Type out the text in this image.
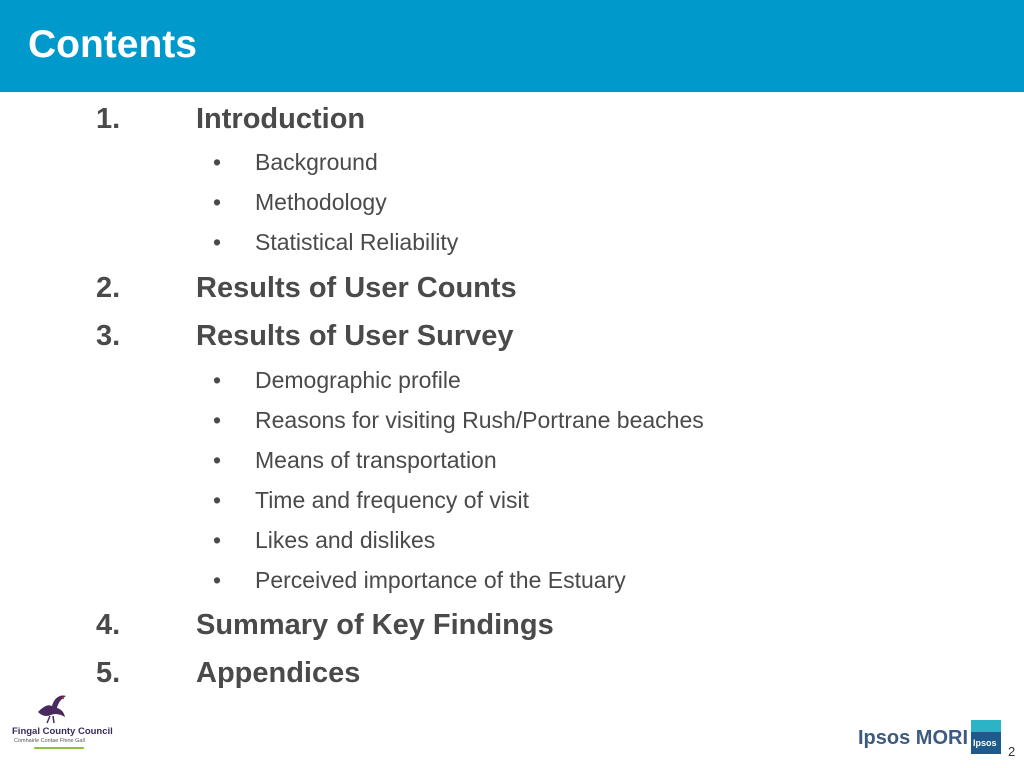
Contents
1.	Introduction
• Background
• Methodology
• Statistical Reliability
2.	Results of User Counts
3.	Results of User Survey
• Demographic profile
• Reasons for visiting Rush/Portrane beaches
• Means of transportation
• Time and frequency of visit
• Likes and dislikes
• Perceived importance of the Estuary
4.	Summary of Key Findings
5.	Appendices
Fingal County Council
Comhairle Contae Fhine Gall	Ipsos MORI Ipsos
2
